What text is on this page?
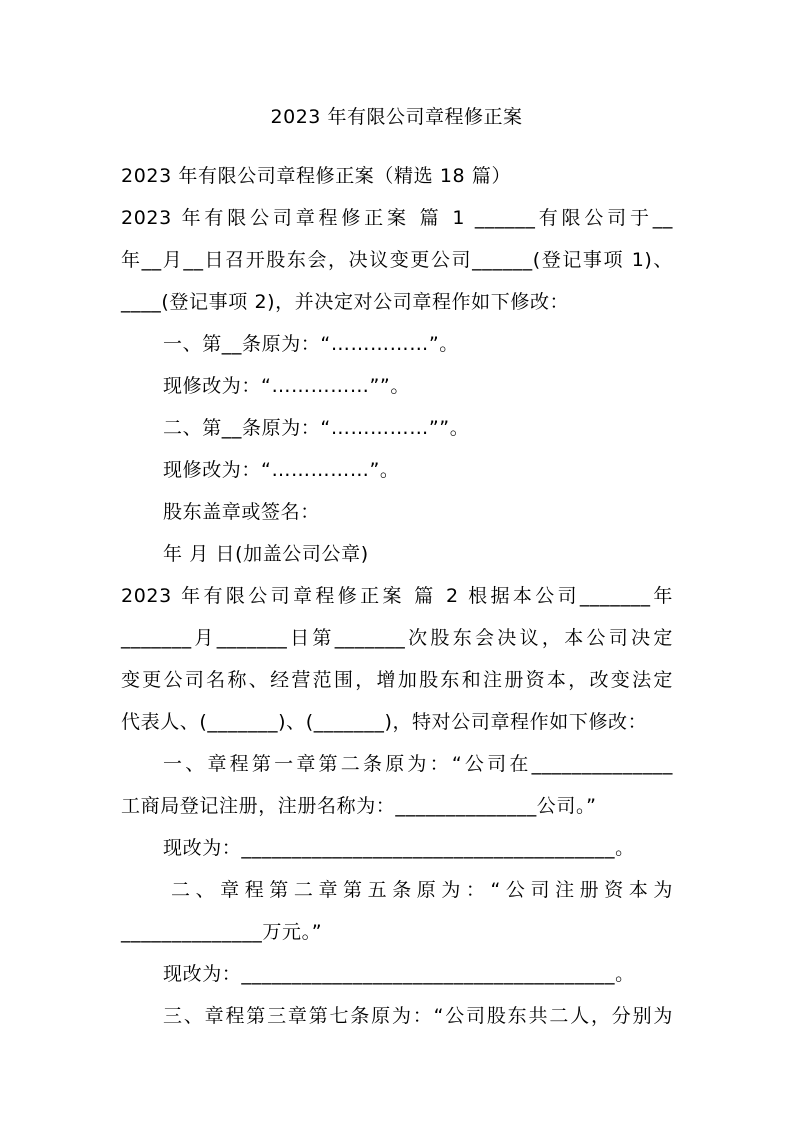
2023 年有限公司章程修正案

2023 年有限公司章程修正案（精选 18 篇）

2023 年有限公司章程修正案 篇 1 ______有限公司于__

年__月__日召开股东会，决议变更公司______(登记事项 1)、

____(登记事项 2)，并决定对公司章程作如下修改：

一、第__条原为：“……………”。

现修改为：“……………””。

二、第__条原为：“……………””。

现修改为：“……………”。

股东盖章或签名：

年 月 日(加盖公司公章)

2023 年有限公司章程修正案 篇 2 根据本公司_______年

_______月_______日第_______次股东会决议，本公司决定

变更公司名称、经营范围，增加股东和注册资本，改变法定

代表人、(_______)、(_______)，特对公司章程作如下修改：

一、章程第一章第二条原为：“公司在______________

工商局登记注册，注册名称为：______________公司。”

现改为：_____________________________________。

二、章程第二章第五条原为：“公司注册资本为

______________万元。”

现改为：_____________________________________。

三、章程第三章第七条原为：“公司股东共二人，分别为
